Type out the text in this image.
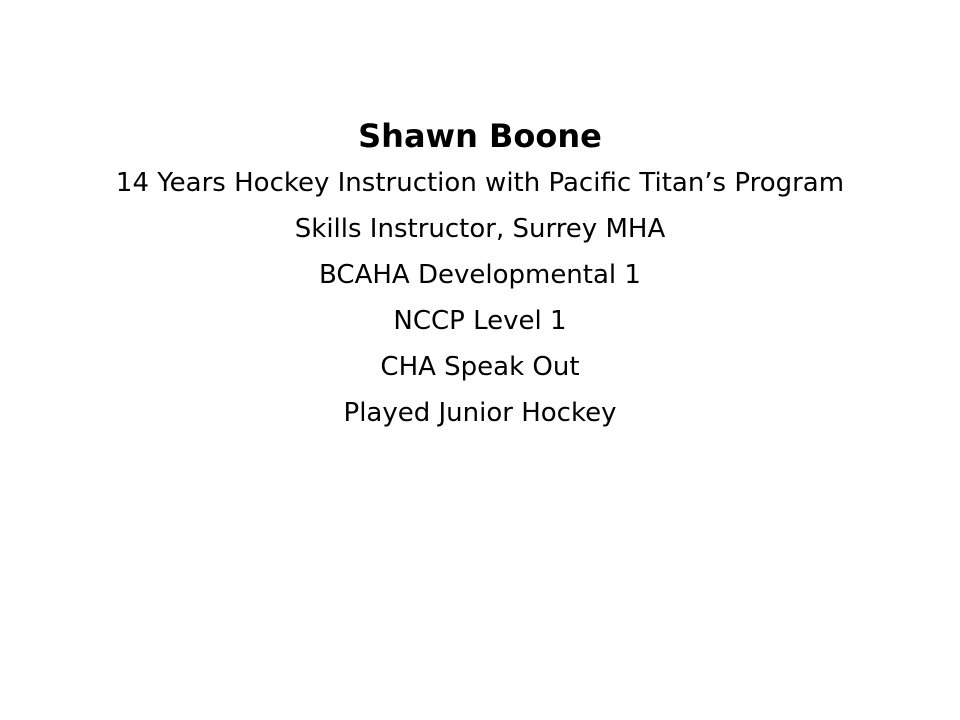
Shawn Boone
14 Years Hockey Instruction with Pacific Titan’s Program
Skills Instructor, Surrey MHA
BCAHA Developmental 1
NCCP Level 1
CHA Speak Out
Played Junior Hockey
